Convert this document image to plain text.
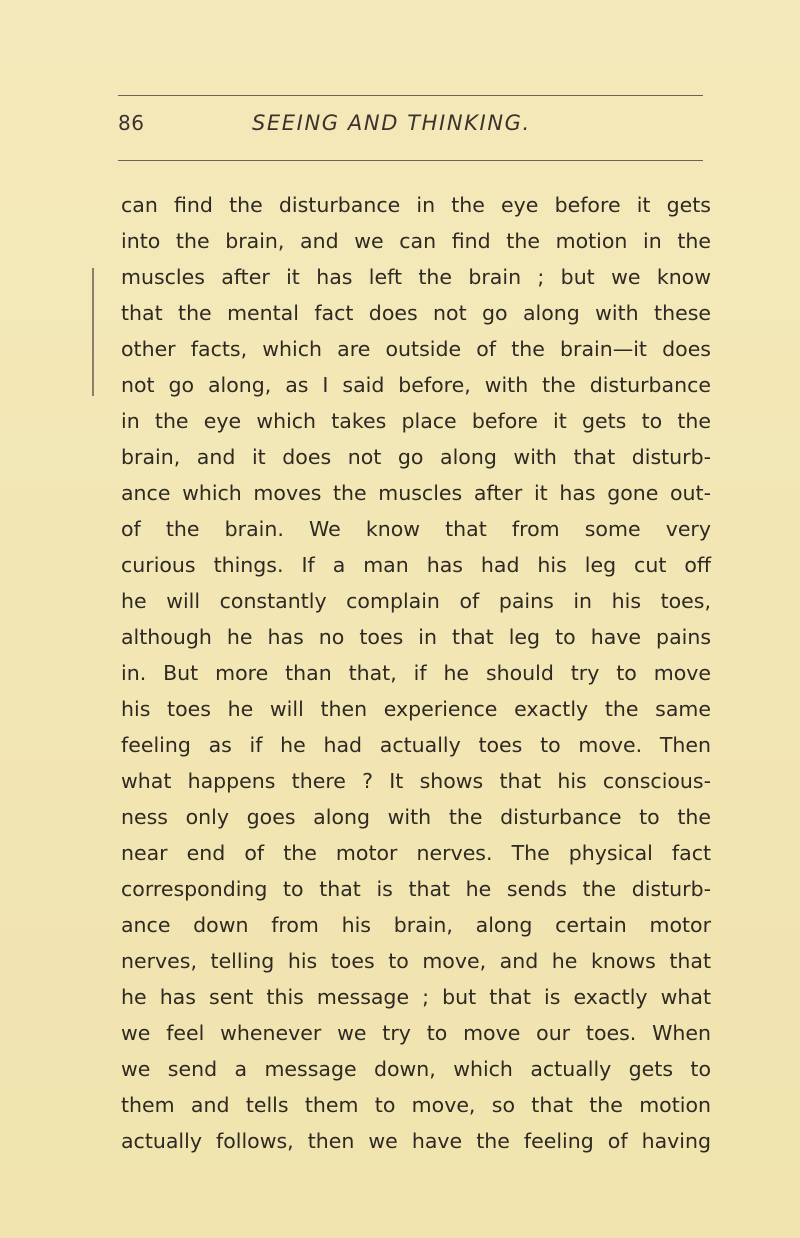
86	SEEING AND THINKING.
can find the disturbance in the eye before it gets
into the brain, and we can find the motion in the
muscles after it has left the brain ; but we know
that the mental fact does not go along with these
other facts, which are outside of the brain—it does
not go along, as I said before, with the disturbance
in the eye which takes place before it gets to the
brain, and it does not go along with that disturb-
ance which moves the muscles after it has gone out-
of the brain. We know that from some very
curious things. If a man has had his leg cut off
he will constantly complain of pains in his toes,
although he has no toes in that leg to have pains
in. But more than that, if he should try to move
his toes he will then experience exactly the same
feeling as if he had actually toes to move. Then
what happens there ? It shows that his conscious-
ness only goes along with the disturbance to the
near end of the motor nerves. The physical fact
corresponding to that is that he sends the disturb-
ance down from his brain, along certain motor
nerves, telling his toes to move, and he knows that
he has sent this message ; but that is exactly what
we feel whenever we try to move our toes. When
we send a message down, which actually gets to
them and tells them to move, so that the motion
actually follows, then we have the feeling of having
